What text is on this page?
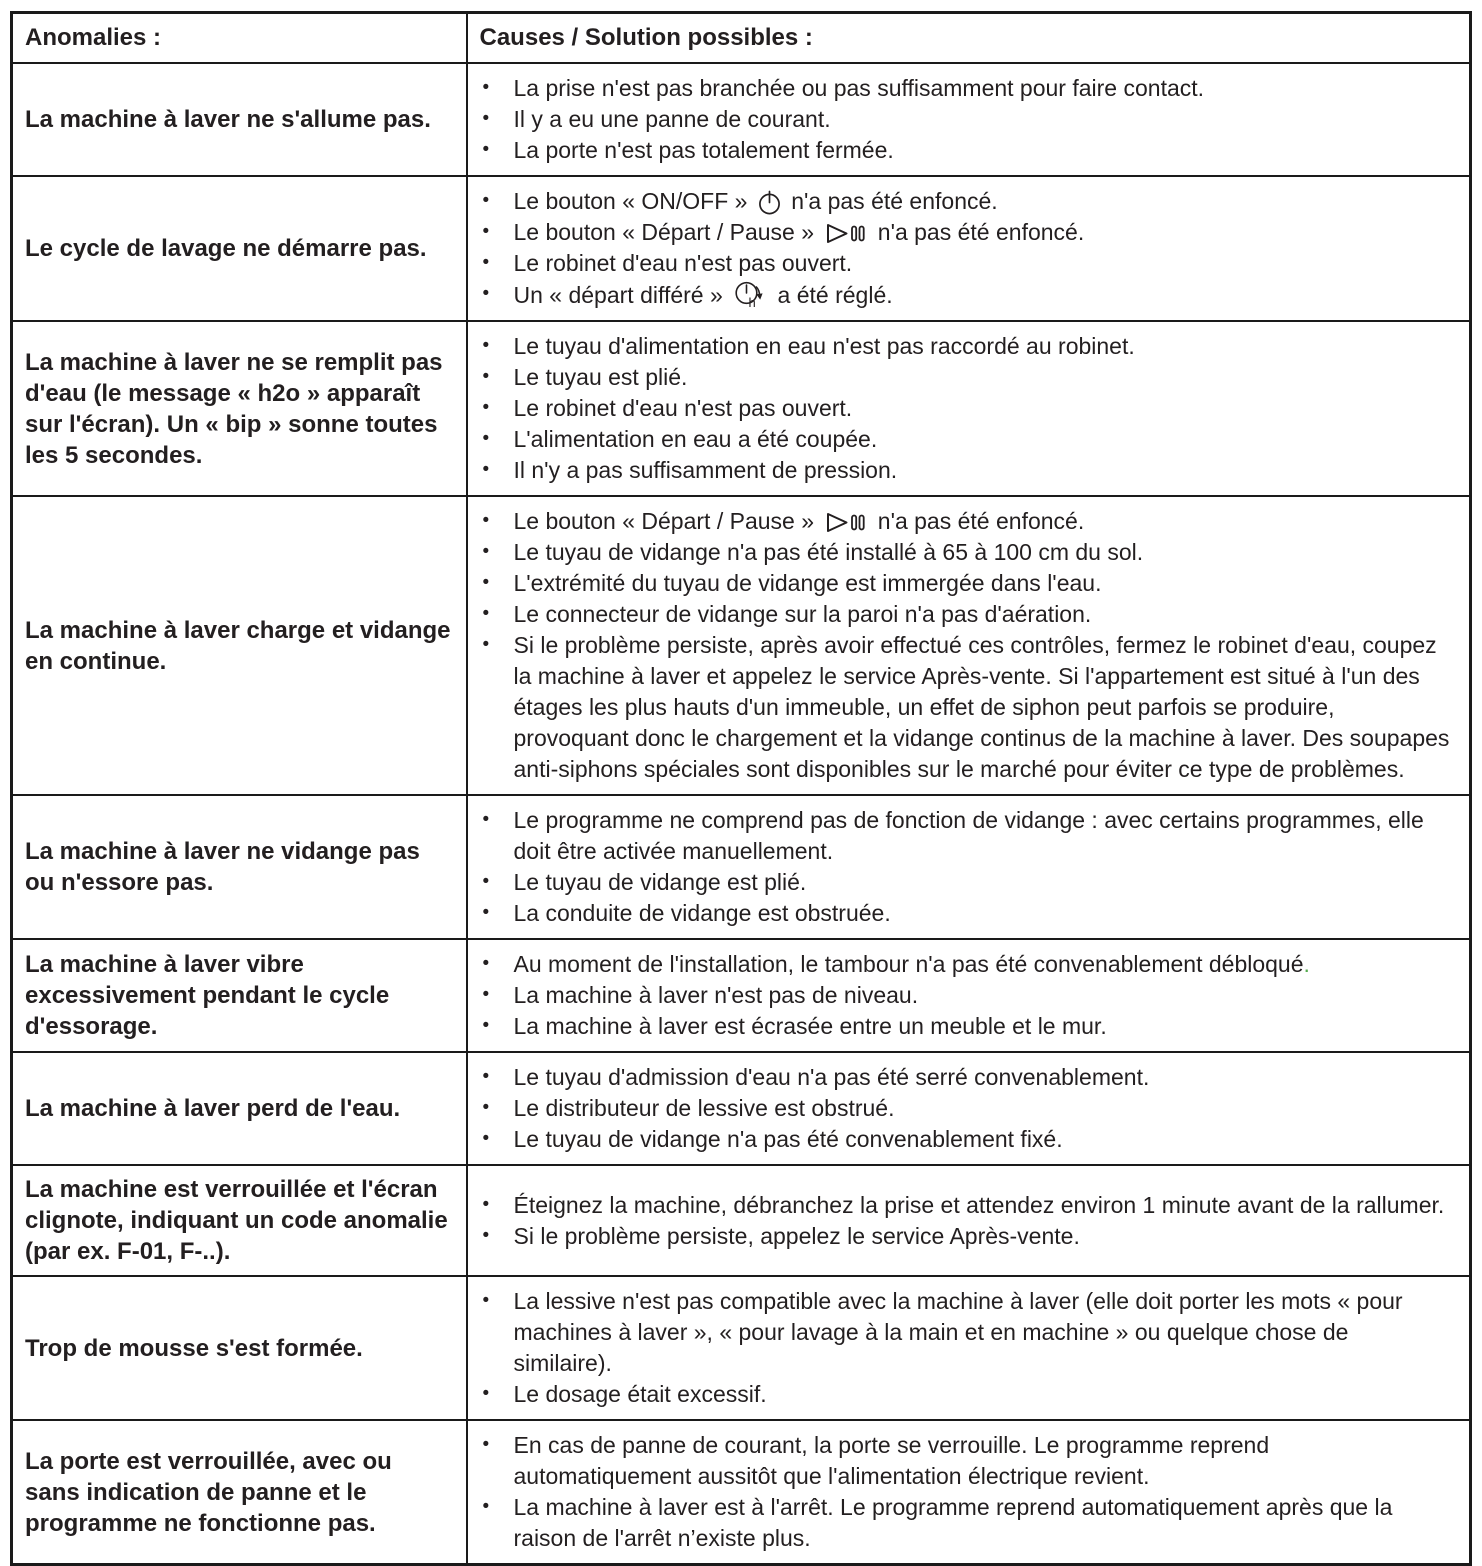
Anomalies :	Causes / Solution possibles :
La machine à laver ne s'allume pas.	
• La prise n'est pas branchée ou pas suffisamment pour faire contact.
• Il y a eu une panne de courant.
• La porte n'est pas totalement fermée.

Le cycle de lavage ne démarre pas.	
• Le bouton « ON/OFF »  n'a pas été enfoncé.
• Le bouton « Départ / Pause »  n'a pas été enfoncé.
• Le robinet d'eau n'est pas ouvert.
• Un « départ différé » h a été réglé.

La machine à laver ne se remplit pas d'eau (le message « h2o » apparaît sur l'écran). Un « bip » sonne toutes les 5 secondes.	
• Le tuyau d'alimentation en eau n'est pas raccordé au robinet.
• Le tuyau est plié.
• Le robinet d'eau n'est pas ouvert.
• L'alimentation en eau a été coupée.
• Il n'y a pas suffisamment de pression.

La machine à laver charge et vidange en continue.	
• Le bouton « Départ / Pause »  n'a pas été enfoncé.
• Le tuyau de vidange n'a pas été installé à 65 à 100 cm du sol.
• L'extrémité du tuyau de vidange est immergée dans l'eau.
• Le connecteur de vidange sur la paroi n'a pas d'aération.
• Si le problème persiste, après avoir effectué ces contrôles, fermez le robinet d'eau, coupez la machine à laver et appelez le service Après-vente. Si l'appartement est situé à l'un des étages les plus hauts d'un immeuble, un effet de siphon peut parfois se produire, provoquant donc le chargement et la vidange continus de la machine à laver. Des soupapes anti-siphons spéciales sont disponibles sur le marché pour éviter ce type de problèmes.

La machine à laver ne vidange pas ou n'essore pas.	
• Le programme ne comprend pas de fonction de vidange : avec certains programmes, elle doit être activée manuellement.
• Le tuyau de vidange est plié.
• La conduite de vidange est obstruée.

La machine à laver vibre excessivement pendant le cycle d'essorage.	
• Au moment de l'installation, le tambour n'a pas été convenablement débloqué.
• La machine à laver n'est pas de niveau.
• La machine à laver est écrasée entre un meuble et le mur.

La machine à laver perd de l'eau.	
• Le tuyau d'admission d'eau n'a pas été serré convenablement.
• Le distributeur de lessive est obstrué.
• Le tuyau de vidange n'a pas été convenablement fixé.

La machine est verrouillée et l'écran clignote, indiquant un code anomalie (par ex. F-01, F-..).	
• Éteignez la machine, débranchez la prise et attendez environ 1 minute avant de la rallumer.
• Si le problème persiste, appelez le service Après-vente.

Trop de mousse s'est formée.	
• La lessive n'est pas compatible avec la machine à laver (elle doit porter les mots « pour machines à laver », « pour lavage à la main et en machine » ou quelque chose de similaire).
• Le dosage était excessif.

La porte est verrouillée, avec ou sans indication de panne et le programme ne fonctionne pas.	
• En cas de panne de courant, la porte se verrouille. Le programme reprend automatiquement aussitôt que l'alimentation électrique revient.
• La machine à laver est à l'arrêt. Le programme reprend automatiquement après que la raison de l'arrêt n’existe plus.
